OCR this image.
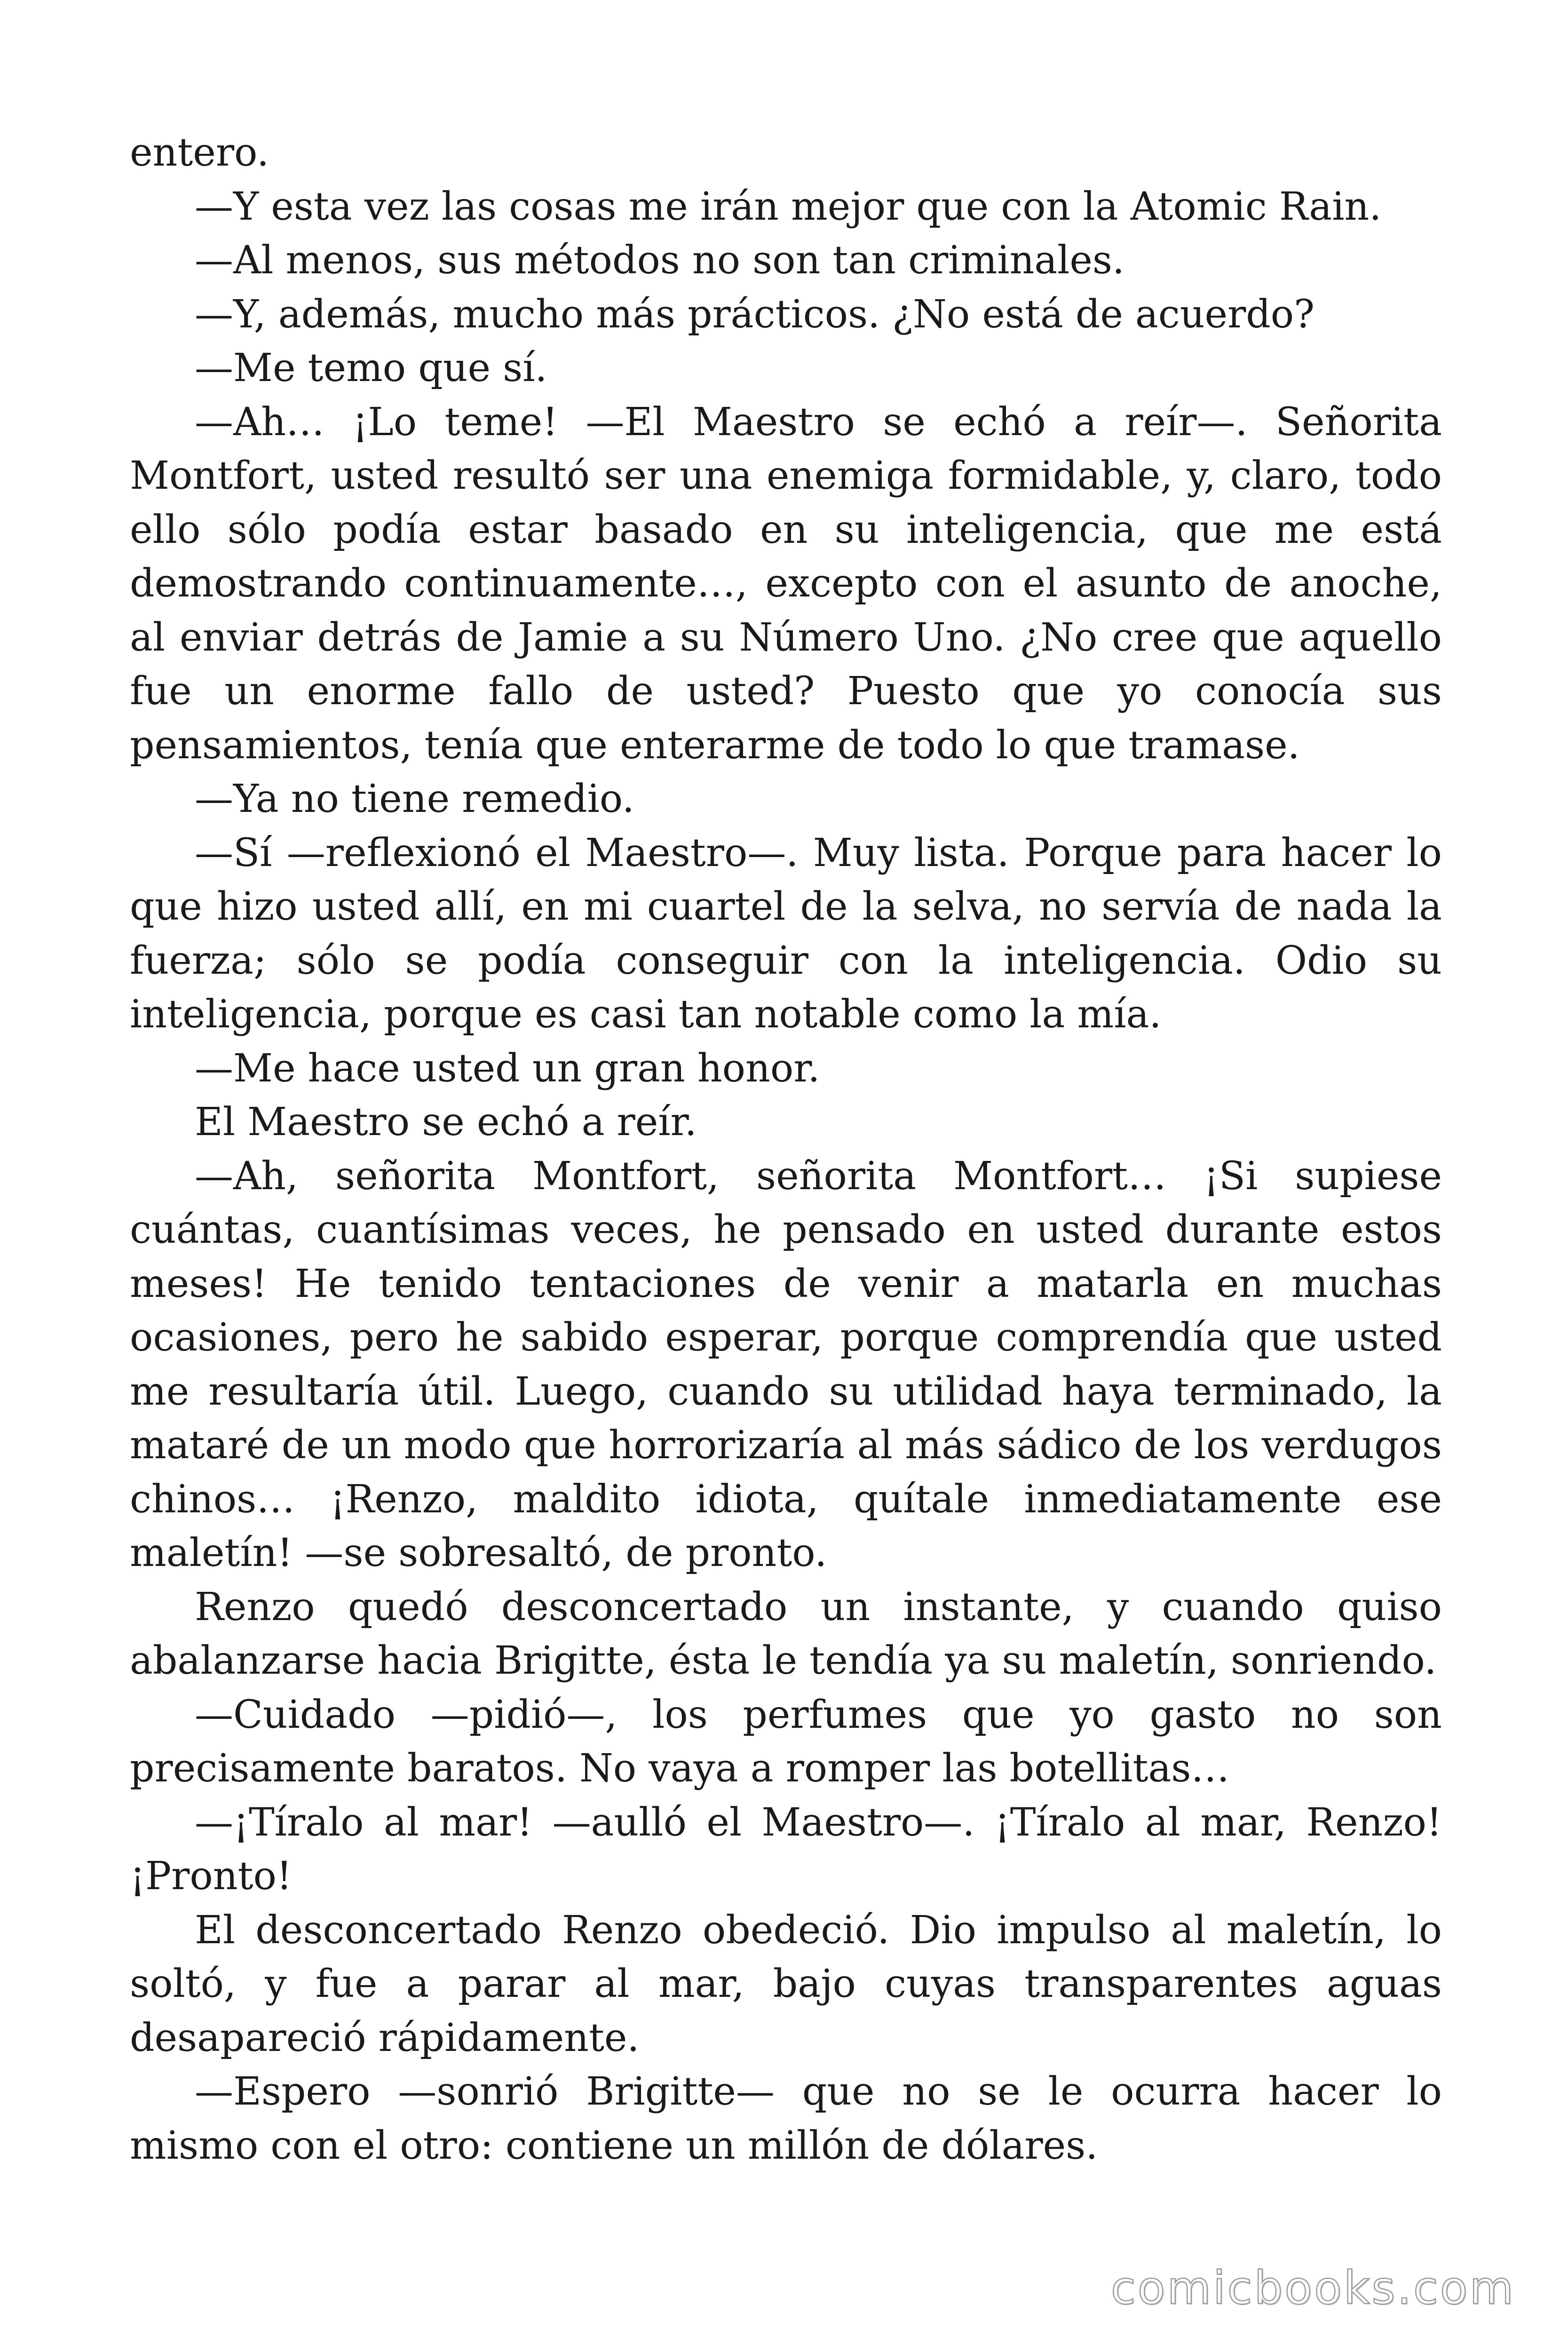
entero.

—Y esta vez las cosas me irán mejor que con la Atomic Rain.

—Al menos, sus métodos no son tan criminales.

—Y, además, mucho más prácticos. ¿No está de acuerdo?

—Me temo que sí.

—Ah… ¡Lo teme! —El Maestro se echó a reír—. Señorita Montfort, usted resultó ser una enemiga formidable, y, claro, todo ello sólo podía estar basado en su inteligencia, que me está demostrando continuamente…, excepto con el asunto de anoche, al enviar detrás de Jamie a su Número Uno. ¿No cree que aquello fue un enorme fallo de usted? Puesto que yo conocía sus pensamientos, tenía que enterarme de todo lo que tramase.

—Ya no tiene remedio.

—Sí —reflexionó el Maestro—. Muy lista. Porque para hacer lo que hizo usted allí, en mi cuartel de la selva, no servía de nada la fuerza; sólo se podía conseguir con la inteligencia. Odio su inteligencia, porque es casi tan notable como la mía.

—Me hace usted un gran honor.

El Maestro se echó a reír.

—Ah, señorita Montfort, señorita Montfort… ¡Si supiese cuántas, cuantísimas veces, he pensado en usted durante estos meses! He tenido tentaciones de venir a matarla en muchas ocasiones, pero he sabido esperar, porque comprendía que usted me resultaría útil. Luego, cuando su utilidad haya terminado, la mataré de un modo que horrorizaría al más sádico de los verdugos chinos… ¡Renzo, maldito idiota, quítale inmediatamente ese maletín! —se sobresaltó, de pronto.

Renzo quedó desconcertado un instante, y cuando quiso abalanzarse hacia Brigitte, ésta le tendía ya su maletín, sonriendo.

—Cuidado —pidió—, los perfumes que yo gasto no son precisamente baratos. No vaya a romper las botellitas…

—¡Tíralo al mar! —aulló el Maestro—. ¡Tíralo al mar, Renzo! ¡Pronto!

El desconcertado Renzo obedeció. Dio impulso al maletín, lo soltó, y fue a parar al mar, bajo cuyas transparentes aguas desapareció rápidamente.

—Espero —sonrió Brigitte— que no se le ocurra hacer lo mismo con el otro: contiene un millón de dólares.

comicbooks.com
